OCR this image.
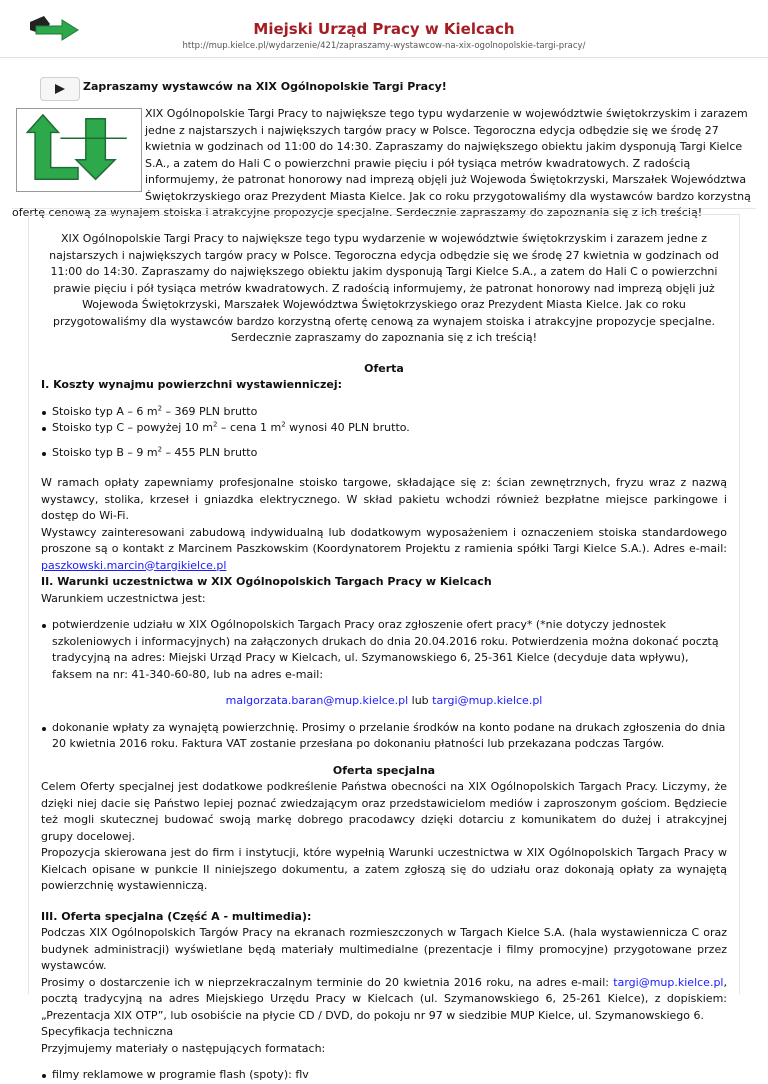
Miejski Urząd Pracy w Kielcach
http://mup.kielce.pl/wydarzenie/421/zapraszamy-wystawcow-na-xix-ogolnopolskie-targi-pracy/
Zapraszamy wystawców na XIX Ogólnopolskie Targi Pracy!
XIX Ogólnopolskie Targi Pracy to największe tego typu wydarzenie w województwie świętokrzyskim i zarazem jedne z najstarszych i największych targów pracy w Polsce. Tegoroczna edycja odbędzie się we środę 27 kwietnia w godzinach od 11:00 do 14:30. Zapraszamy do największego obiektu jakim dysponują Targi Kielce S.A., a zatem do Hali C o powierzchni prawie pięciu i pół tysiąca metrów kwadratowych. Z radością informujemy, że patronat honorowy nad imprezą objęli już Wojewoda Świętokrzyski, Marszałek Województwa Świętokrzyskiego oraz Prezydent Miasta Kielce. Jak co roku przygotowaliśmy dla wystawców bardzo korzystną ofertę cenową za wynajem stoiska i atrakcyjne propozycje specjalne. Serdecznie zapraszamy do zapoznania się z ich treścią!

XIX Ogólnopolskie Targi Pracy to największe tego typu wydarzenie w województwie świętokrzyskim i zarazem jedne z najstarszych i największych targów pracy w Polsce. Tegoroczna edycja odbędzie się we środę 27 kwietnia w godzinach od 11:00 do 14:30. Zapraszamy do największego obiektu jakim dysponują Targi Kielce S.A., a zatem do Hali C o powierzchni prawie pięciu i pół tysiąca metrów kwadratowych. Z radością informujemy, że patronat honorowy nad imprezą objęli już Wojewoda Świętokrzyski, Marszałek Województwa Świętokrzyskiego oraz Prezydent Miasta Kielce. Jak co roku przygotowaliśmy dla wystawców bardzo korzystną ofertę cenową za wynajem stoiska i atrakcyjne propozycje specjalne. Serdecznie zapraszamy do zapoznania się z ich treścią!

Oferta

I. Koszty wynajmu powierzchni wystawienniczej:
Stoisko typ A – 6 $m^2 - 369$ PLN brutto
Stoisko typ C – powyżej 10 $m^2$ – cena 1 $m^2$ wynosi 40 PLN brutto.
Stoisko typ B – 9 $m^2 - 455$ PLN brutto

W ramach opłaty zapewniamy profesjonalne stoisko targowe, składające się z: ścian zewnętrznych, fryzu wraz z nazwą wystawcy, stolika, krzeseł i gniazdka elektrycznego. W skład pakietu wchodzi również bezpłatne miejsce parkingowe i dostęp do Wi-Fi.

Wystawcy zainteresowani zabudową indywidualną lub dodatkowym wyposażeniem i oznaczeniem stoiska standardowego proszone są o kontakt z Marcinem Paszkowskim (Koordynatorem Projektu z ramienia spółki Targi Kielce S.A.). Adres e-mail: paszkowski.marcin@targikielce.pl

II. Warunki uczestnictwa w XIX Ogólnopolskich Targach Pracy w Kielcach

Warunkiem uczestnictwa jest:

potwierdzenie udziału w XIX Ogólnopolskich Targach Pracy oraz zgłoszenie ofert pracy* (*nie dotyczy jednostek szkoleniowych i informacyjnych) na załączonych drukach do dnia 20.04.2016 roku. Potwierdzenia można dokonać pocztą tradycyjną na adres: Miejski Urząd Pracy w Kielcach, ul. Szymanowskiego 6, 25-361 Kielce (decyduje data wpływu), faksem na nr: 41-340-60-80, lub na adres e-mail:

malgorzata.baran@mup.kielce.pl lub targi@mup.kielce.pl

dokonanie wpłaty za wynajętą powierzchnię. Prosimy o przelanie środków na konto podane na drukach zgłoszenia do dnia 20 kwietnia 2016 roku. Faktura VAT zostanie przesłana po dokonaniu płatności lub przekazana podczas Targów.

Oferta specjalna

Celem Oferty specjalnej jest dodatkowe podkreślenie Państwa obecności na XIX Ogólnopolskich Targach Pracy. Liczymy, że dzięki niej dacie się Państwo lepiej poznać zwiedzającym oraz przedstawicielom mediów i zaproszonym gościom. Będziecie też mogli skutecznej budować swoją markę dobrego pracodawcy dzięki dotarciu z komunikatem do dużej i atrakcyjnej grupy docelowej.

Propozycja skierowana jest do firm i instytucji, które wypełnią Warunki uczestnictwa w XIX Ogólnopolskich Targach Pracy w Kielcach opisane w punkcie II niniejszego dokumentu, a zatem zgłoszą się do udziału oraz dokonają opłaty za wynajętą powierzchnię wystawienniczą.

III. Oferta specjalna (Część A - multimedia):

Podczas XIX Ogólnopolskich Targów Pracy na ekranach rozmieszczonych w Targach Kielce S.A. (hala wystawiennicza C oraz budynek administracji) wyświetlane będą materiały multimedialne (prezentacje i filmy promocyjne) przygotowane przez wystawców.

Prosimy o dostarczenie ich w nieprzekraczalnym terminie do 20 kwietnia 2016 roku, na adres e-mail: targi@mup.kielce.pl, pocztą tradycyjną na adres Miejskiego Urzędu Pracy w Kielcach (ul. Szymanowskiego 6, 25-261 Kielce), z dopiskiem: „Prezentacja XIX OTP”, lub osobiście na płycie CD / DVD, do pokoju nr 97 w siedzibie MUP Kielce, ul. Szymanowskiego 6.

Specyfikacja techniczna

Przyjmujemy materiały o następujących formatach:

filmy reklamowe w programie flash (spoty): flv
